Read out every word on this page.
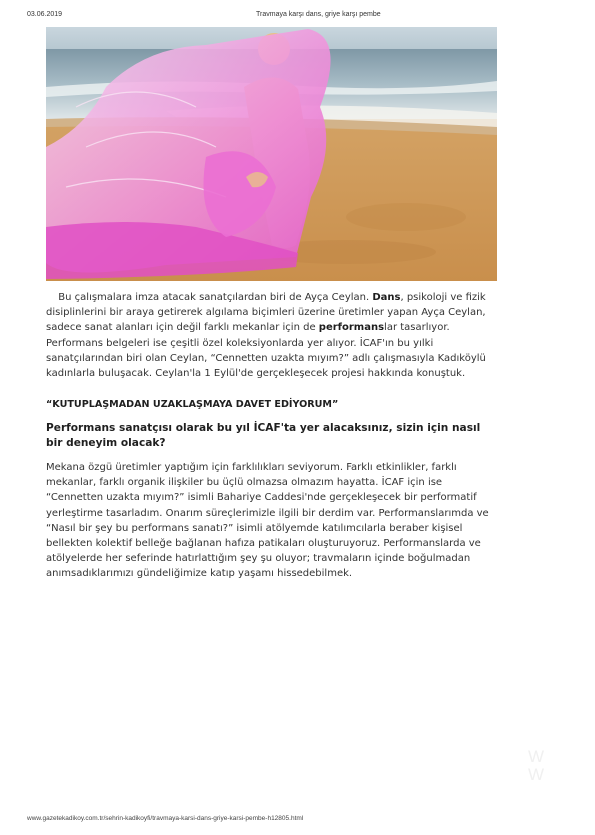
03.06.2019	Travmaya karşı dans, griye karşı pembe

Bu çalışmalara imza atacak sanatçılardan biri de Ayça Ceylan. Dans, psikoloji ve fizik
disiplinlerini bir araya getirerek algılama biçimleri üzerine üretimler yapan Ayça Ceylan, sadece sanat alanları için değil farklı mekanlar için de performanslar tasarlıyor. Performans belgeleri ise çeşitli özel koleksiyonlarda yer alıyor. İCAF'ın bu yılki sanatçılarından biri olan Ceylan, “Cennetten uzakta mıyım?” adlı çalışmasıyla Kadıköylü kadınlarla buluşacak. Ceylan'la 1 Eylül'de gerçekleşecek projesi hakkında konuştuk.

“KUTUPLAŞMADAN UZAKLAŞMAYA DAVET EDİYORUM”

Performans sanatçısı olarak bu yıl İCAF'ta yer alacaksınız, sizin için nasıl bir deneyim olacak?

Mekana özgü üretimler yaptığım için farklılıkları seviyorum. Farklı etkinlikler, farklı mekanlar, farklı organik ilişkiler bu üçlü olmazsa olmazım hayatta. İCAF için ise “Cennetten uzakta mıyım?” isimli Bahariye Caddesi'nde gerçekleşecek bir performatif yerleştirme tasarladım. Onarım süreçlerimizle ilgili bir derdim var. Performanslarımda ve “Nasıl bir şey bu performans sanatı?” isimli atölyemde katılımcılarla beraber kişisel bellekten kolektif belleğe bağlanan hafıza patikaları oluşturuyoruz. Performanslarda ve atölyelerde her seferinde hatırlattığım şey şu oluyor; travmaların içinde boğulmadan anımsadıklarımızı gündeliğimize katıp yaşamı hissedebilmek.

W
W
www.gazetekadikoy.com.tr/sehrin-kadikoyfi/travmaya-karsi-dans-griye-karsi-pembe-h12805.html
